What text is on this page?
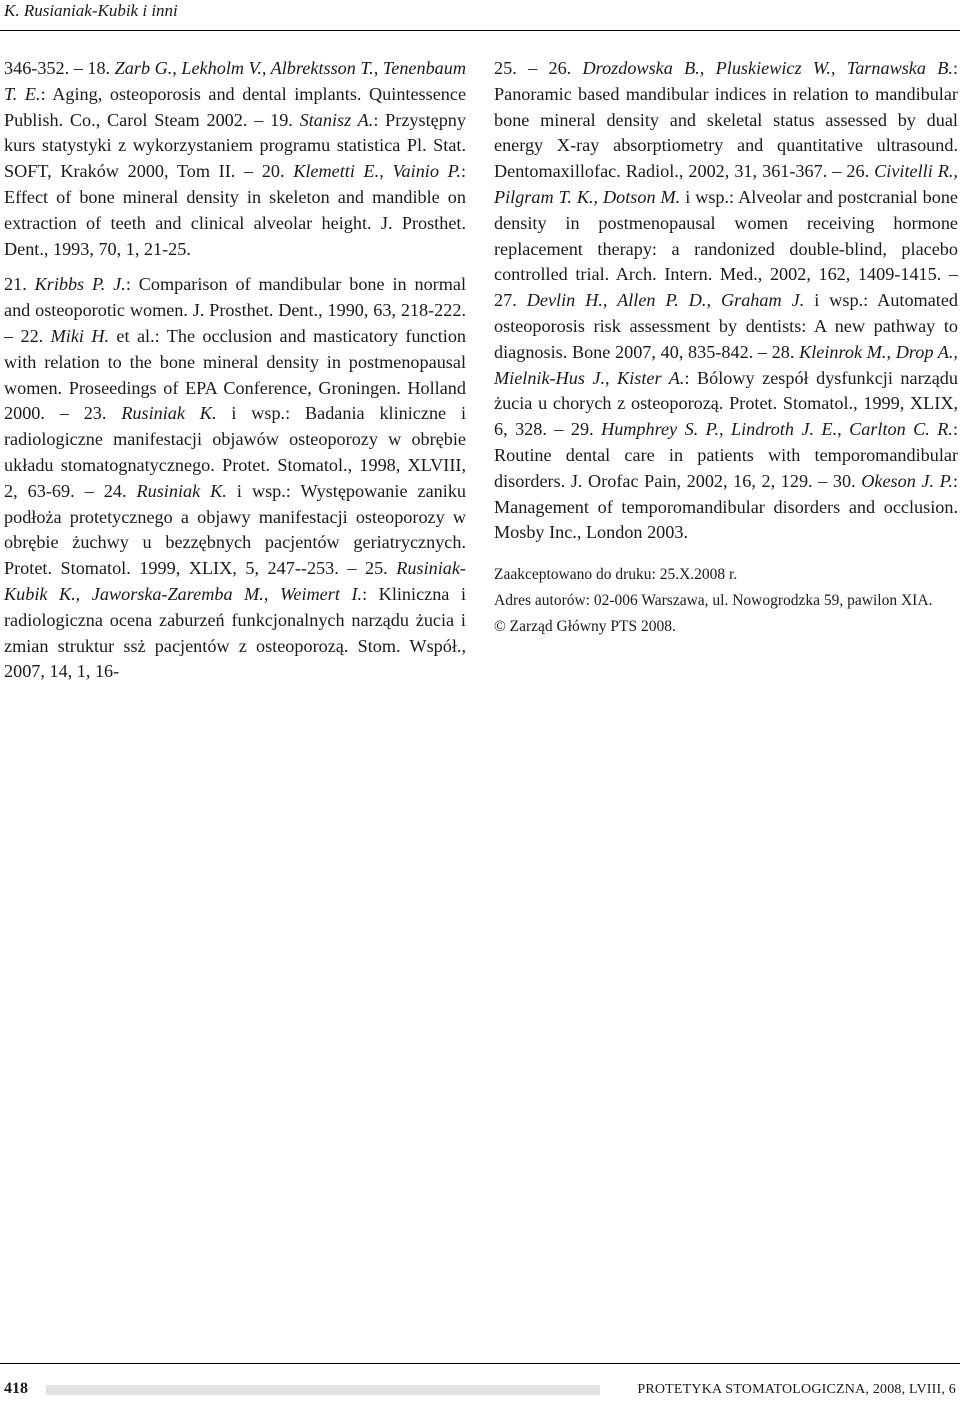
K. Rusianiak-Kubik i inni

346-352. – 18. Zarb G., Lekholm V., Albrektsson T., Tenenbaum T. E.: Aging, osteoporosis and dental implants. Quintessence Publish. Co., Carol Steam 2002. – 19. Stanisz A.: Przystępny kurs statystyki z wykorzystaniem programu statistica Pl. Stat. SOFT, Kraków 2000, Tom II. – 20. Klemetti E., Vainio P.: Effect of bone mineral density in skeleton and mandible on extraction of teeth and clinical alveolar height. J. Prosthet. Dent., 1993, 70, 1, 21-25.

21. Kribbs P. J.: Comparison of mandibular bone in normal and osteoporotic women. J. Prosthet. Dent., 1990, 63, 218-222. – 22. Miki H. et al.: The occlusion and masticatory function with relation to the bone mineral density in postmenopausal women. Proseedings of EPA Conference, Groningen. Holland 2000. – 23. Rusiniak K. i wsp.: Badania kliniczne i radiologiczne manifestacji objawów osteoporozy w obrębie układu stomatognatycznego. Protet. Stomatol., 1998, XLVIII, 2, 63-69. – 24. Rusiniak K. i wsp.: Występowanie zaniku podłoża protetycznego a objawy manifestacji osteoporozy w obrębie żuchwy u bezzębnych pacjentów geriatrycznych. Protet. Stomatol. 1999, XLIX, 5, 247--253. – 25. Rusiniak-Kubik K., Jaworska-Zaremba M., Weimert I.: Kliniczna i radiologiczna ocena zaburzeń funkcjonalnych narządu żucia i zmian struktur ssż pacjentów z osteoporozą. Stom. Współ., 2007, 14, 1, 16-

25. – 26. Drozdowska B., Pluskiewicz W., Tarnawska B.: Panoramic based mandibular indices in relation to mandibular bone mineral density and skeletal status assessed by dual energy X-ray absorptiometry and quantitative ultrasound. Dentomaxillofac. Radiol., 2002, 31, 361-367. – 26. Civitelli R., Pilgram T. K., Dotson M. i wsp.: Alveolar and postcranial bone density in postmenopausal women receiving hormone replacement therapy: a randonized double-blind, placebo controlled trial. Arch. Intern. Med., 2002, 162, 1409-1415. – 27. Devlin H., Allen P. D., Graham J. i wsp.: Automated osteoporosis risk assessment by dentists: A new pathway to diagnosis. Bone 2007, 40, 835-842. – 28. Kleinrok M., Drop A., Mielnik-Hus J., Kister A.: Bólowy zespół dysfunkcji narządu żucia u chorych z osteoporozą. Protet. Stomatol., 1999, XLIX, 6, 328. – 29. Humphrey S. P., Lindroth J. E., Carlton C. R.: Routine dental care in patients with temporomandibular disorders. J. Orofac Pain, 2002, 16, 2, 129. – 30. Okeson J. P.: Management of temporomandibular disorders and occlusion. Mosby Inc., London 2003.

Zaakceptowano do druku: 25.X.2008 r.
Adres autorów: 02-006 Warszawa, ul. Nowogrodzka 59, pawilon XIA.
© Zarząd Główny PTS 2008.
418	PROTETYKA STOMATOLOGICZNA, 2008, LVIII, 6
